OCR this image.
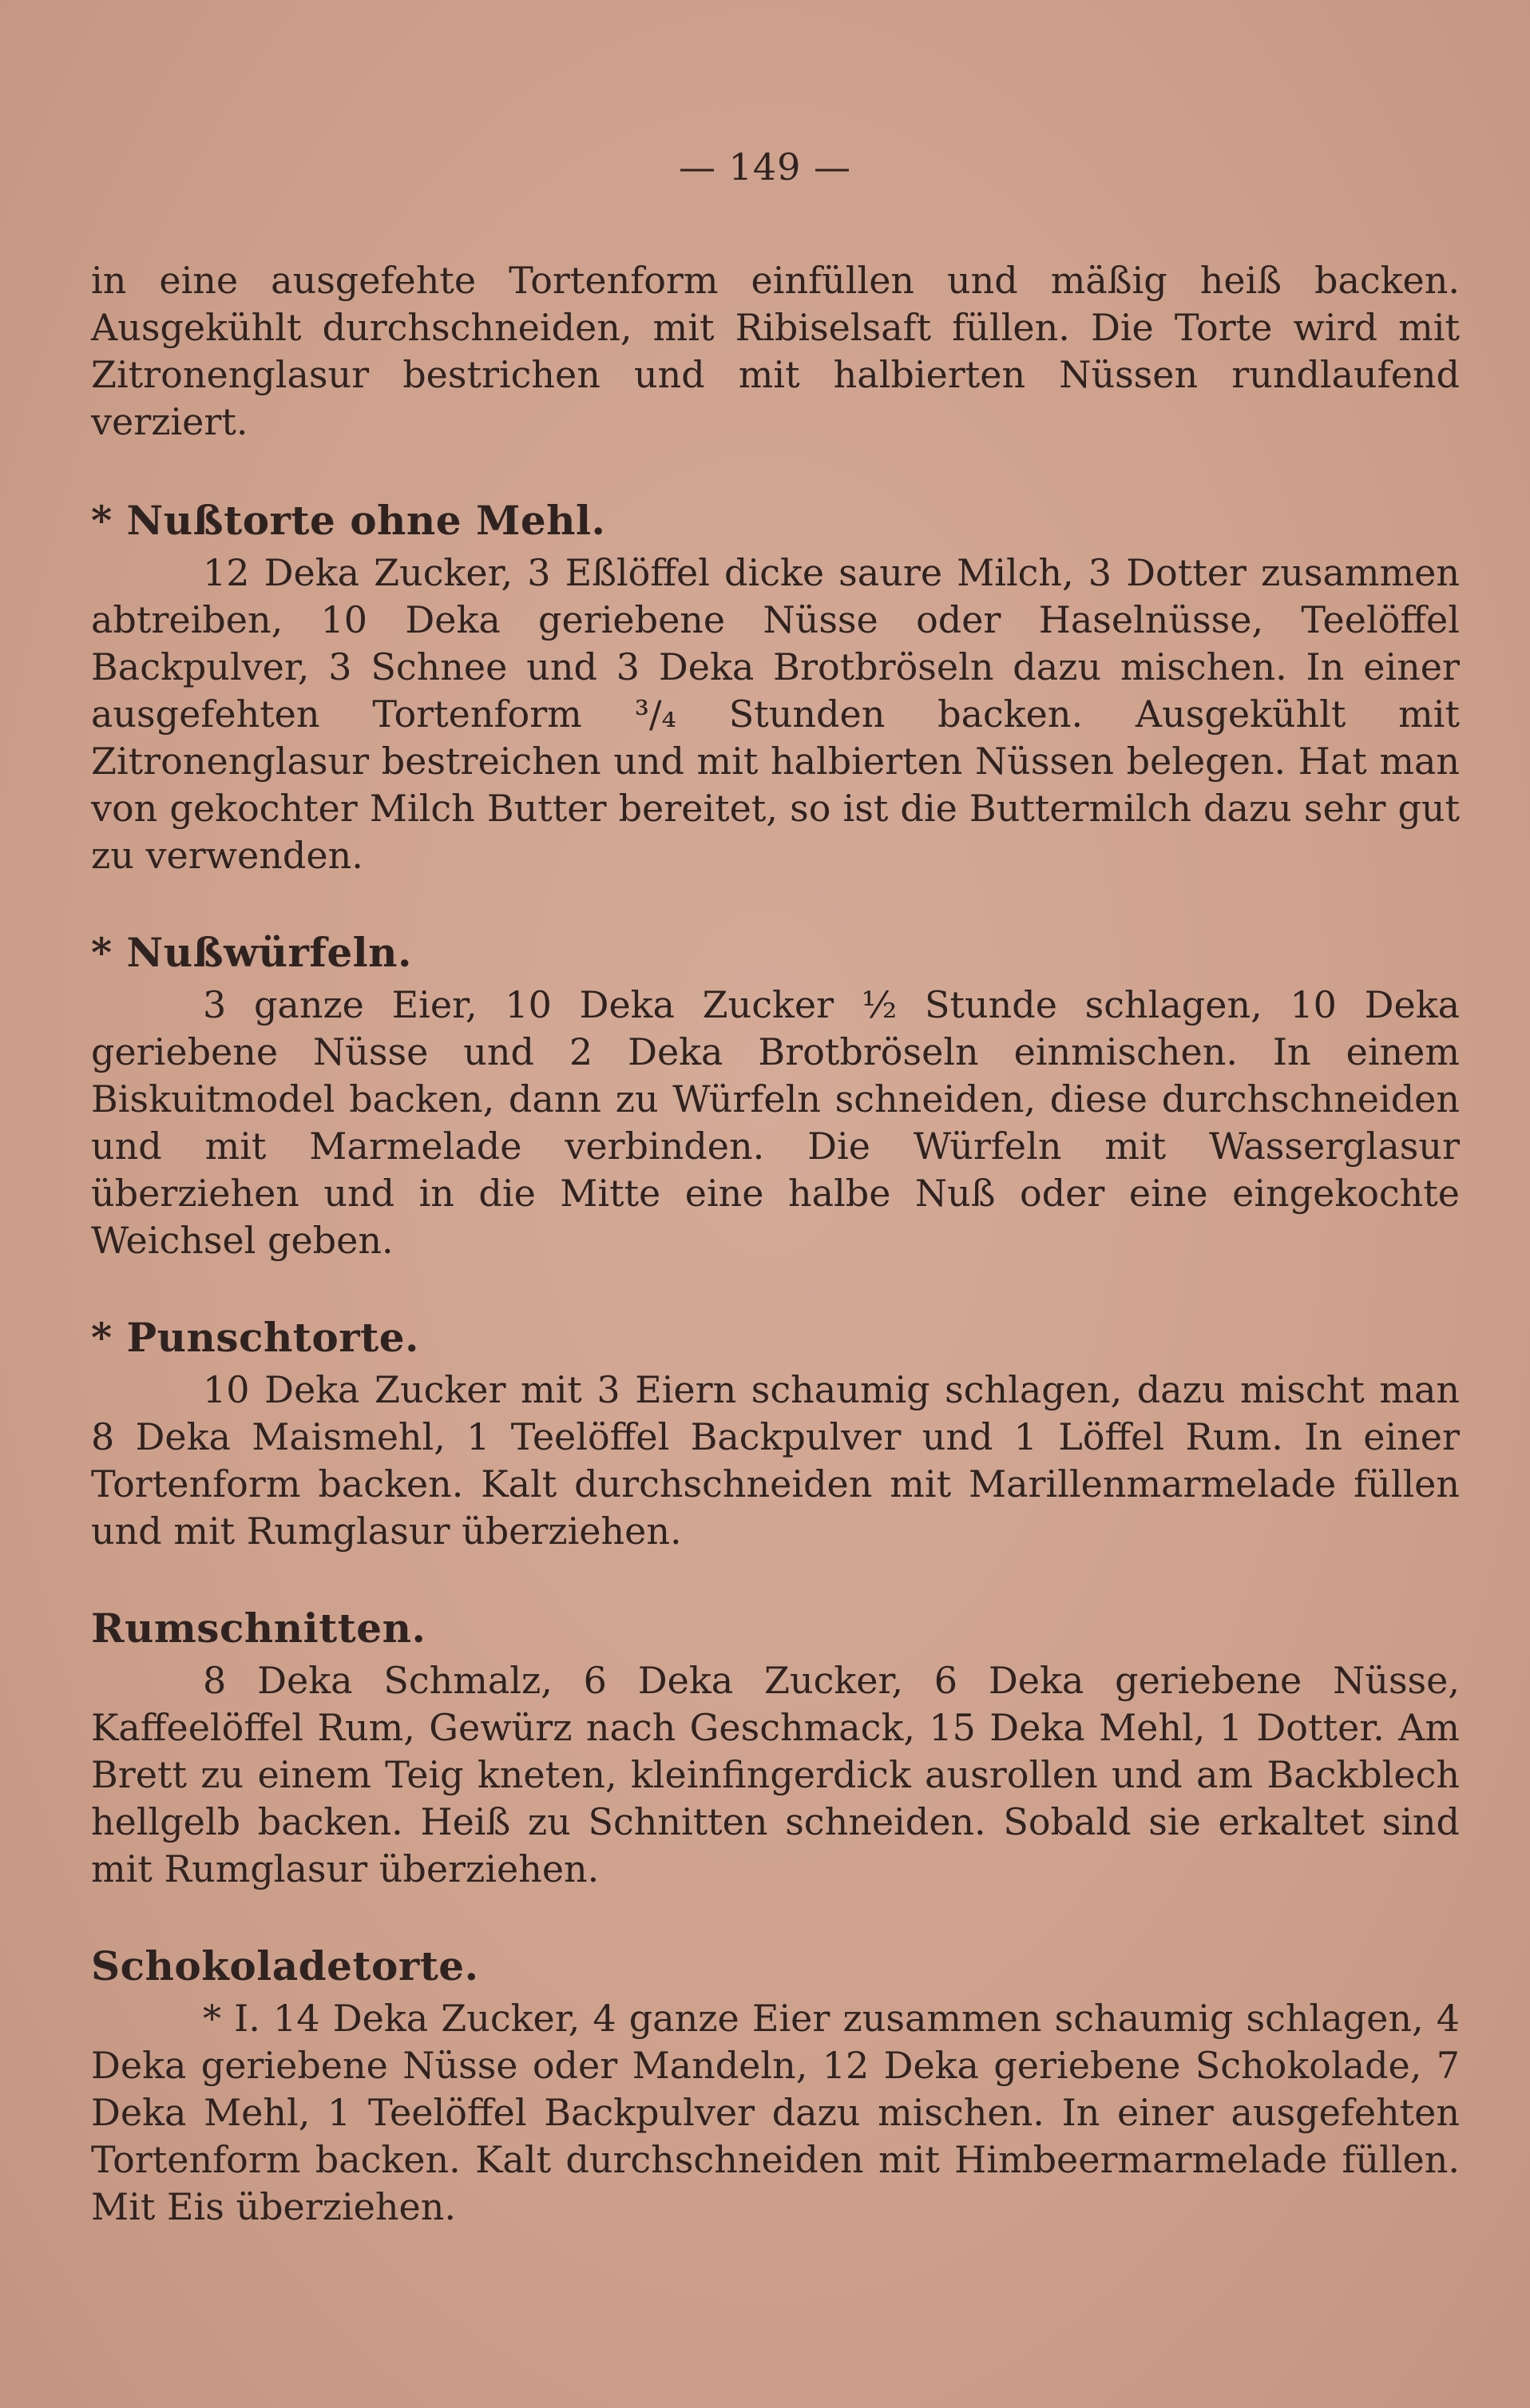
— 149 —

in eine ausgefehte Tortenform einfüllen und mäßig heiß backen. Ausgekühlt durchschneiden, mit Ribiselsaft füllen. Die Torte wird mit Zitronenglasur bestrichen und mit halbierten Nüssen rundlaufend verziert.

* Nußtorte ohne Mehl.

12 Deka Zucker, 3 Eßlöffel dicke saure Milch, 3 Dotter zusammen abtreiben, 10 Deka geriebene Nüsse oder Haselnüsse, Teelöffel Backpulver, 3 Schnee und 3 Deka Brotbröseln dazu mischen. In einer ausgefehten Tortenform ³/₄ Stunden backen. Ausgekühlt mit Zitronenglasur bestreichen und mit halbierten Nüssen belegen. Hat man von gekochter Milch Butter bereitet, so ist die Buttermilch dazu sehr gut zu verwenden.

* Nußwürfeln.

3 ganze Eier, 10 Deka Zucker ½ Stunde schlagen, 10 Deka geriebene Nüsse und 2 Deka Brotbröseln einmischen. In einem Biskuitmodel backen, dann zu Würfeln schneiden, diese durchschneiden und mit Marmelade verbinden. Die Würfeln mit Wasserglasur überziehen und in die Mitte eine halbe Nuß oder eine eingekochte Weichsel geben.

* Punschtorte.

10 Deka Zucker mit 3 Eiern schaumig schlagen, dazu mischt man 8 Deka Maismehl, 1 Teelöffel Backpulver und 1 Löffel Rum. In einer Tortenform backen. Kalt durchschneiden mit Marillenmarmelade füllen und mit Rumglasur überziehen.

Rumschnitten.

8 Deka Schmalz, 6 Deka Zucker, 6 Deka geriebene Nüsse, Kaffeelöffel Rum, Gewürz nach Geschmack, 15 Deka Mehl, 1 Dotter. Am Brett zu einem Teig kneten, kleinfingerdick ausrollen und am Backblech hellgelb backen. Heiß zu Schnitten schneiden. Sobald sie erkaltet sind mit Rumglasur überziehen.

Schokoladetorte.

* I. 14 Deka Zucker, 4 ganze Eier zusammen schaumig schlagen, 4 Deka geriebene Nüsse oder Mandeln, 12 Deka geriebene Schokolade, 7 Deka Mehl, 1 Teelöffel Backpulver dazu mischen. In einer ausgefehten Tortenform backen. Kalt durchschneiden mit Himbeermarmelade füllen. Mit Eis überziehen.
